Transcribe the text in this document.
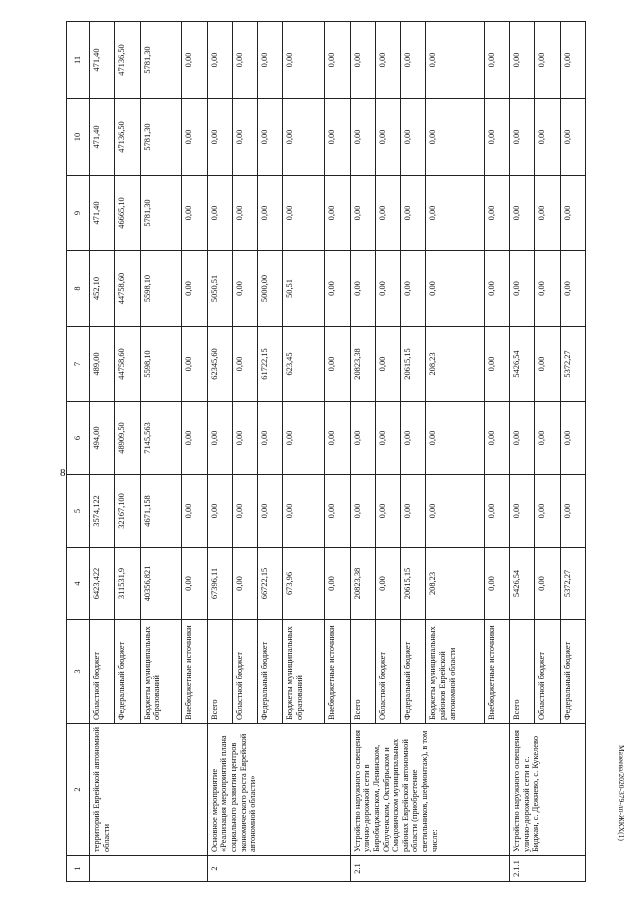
8
1	2	3	4	5	6	7	8	9	10	11
	территорий Еврейской автономной области	Областной бюджет	6423,422	3574,122	494,00	489,00	452,10	471,40	471,40	471,40
		Федеральный бюджет	311531,9	32167,100	48909,50	44758,60	44758,60	46665,10	47136,50	47136,50
		Бюджеты муниципальных образований	40356,821	4671,158	7145,563	5598,10	5598,10	5781,30	5781,30	5781,30
		Внебюджетные источники	0,00	0,00	0,00	0,00	0,00	0,00	0,00	0,00
2	Основное мероприятие «Реализация мероприятий плана социального развития центров экономического роста Еврейской автономной области»	Всего	67396,11	0,00	0,00	62345,60	5050,51	0,00	0,00	0,00
		Областной бюджет	0,00	0,00	0,00	0,00	0,00	0,00	0,00	0,00
		Федеральный бюджет	66722,15	0,00	0,00	61722,15	5000,00	0,00	0,00	0,00
		Бюджеты муниципальных образований	673,96	0,00	0,00	623,45	50,51	0,00	0,00	0,00
		Внебюджетные источники	0,00	0,00	0,00	0,00	0,00	0,00	0,00	0,00
2.1	Устройство наружного освещения улично-дорожной сети в Биробиджанском, Ленинском, Облученском, Октябрьском и Смидовичском муниципальных районах Еврейской автономной области (приобретение светильников, шефмонтаж), в том числе:	Всего	20823,38	0,00	0,00	20823,38	0,00	0,00	0,00	0,00
		Областной бюджет	0,00	0,00	0,00	0,00	0,00	0,00	0,00	0,00
		Федеральный бюджет	20615,15	0,00	0,00	20615,15	0,00	0,00	0,00	0,00
		Бюджеты муниципальных районов Еврейской автономной области	208,23	0,00	0,00	208,23	0,00	0,00	0,00	0,00
		Внебюджетные источники	0,00	0,00	0,00	0,00	0,00	0,00	0,00	0,00
2.1.1	Устройство наружного освещения улично-дорожной сети в с. Биджан, с. Дежнево, с. Кукелево	Всего	5426,54	0,00	0,00	5426,54	0,00	0,00	0,00	0,00
		Областной бюджет	0,00	0,00	0,00	0,00	0,00	0,00	0,00	0,00
		Федеральный бюджет	5372,27	0,00	0,00	5372,27	0,00	0,00	0,00	0,00
Мазеева/2020-379-лп-ЖКХ(1)
